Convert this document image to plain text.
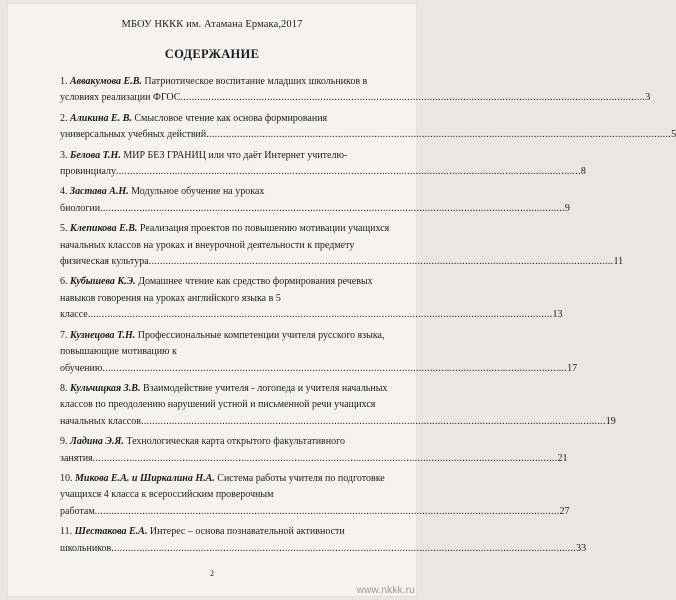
МБОУ НККК им. Атамана Ермака,2017
СОДЕРЖАНИЕ
1. Аввакумова Е.В. Патриотическое воспитание младших школьников в
условиях реализации ФГОС .....	3
2. Аликина Е. В. Смысловое чтение как основа формирования
универсальных учебных действий .....	5
3. Белова Т.Н. МИР БЕЗ ГРАНИЦ или что даёт Интернет учителю-
провинциалу .....	8
4. Застава А.Н. Модульное обучение на уроках
биологии .....	9
5. Клепикова Е.В. Реализация проектов по повышению мотивации учащихся
начальных классов на уроках и внеурочной деятельности к предмету
физическая культура .....	11
6. Кубышева К.Э. Домашнее чтение как средство формирования речевых
навыков говорения на уроках английского языка в 5
классе .....	13
7. Кузнецова Т.Н. Профессиональные компетенции учителя русского языка,
повышающие мотивацию к
обучению .....	17
8. Кульчицкая З.В. Взаимодействие учителя - логопеда и учителя начальных
классов по преодолению нарушений устной и письменной речи учащихся
начальных классов .....	19
9. Ладина Э.Я. Технологическая карта открытого факультативного
занятия .....	21
10. Микова Е.А. и Ширкалина Н.А. Система работы учителя по подготовке
учащихся 4 класса к всероссийским проверочным
работам .....	27
11. Шестакова Е.А. Интерес – основа познавательной активности
школьников .....	33
2
www.nkkk.ru
